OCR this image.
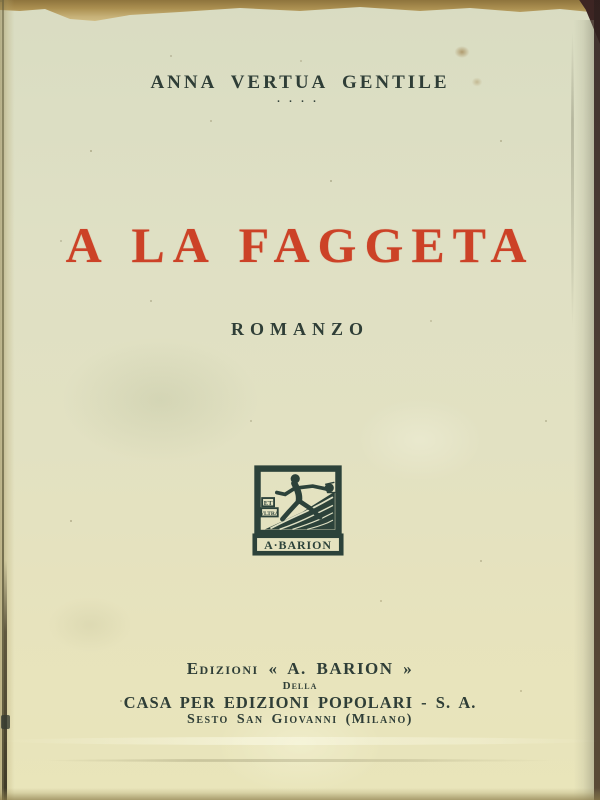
ANNA VERTUA GENTILE
····
A LA FAGGETA
ROMANZO
ET
VLTRA
A·BARION
Edizioni « A. BARION »
Della
CASA PER EDIZIONI POPOLARI - S. A.
Sesto San Giovanni (Milano)
